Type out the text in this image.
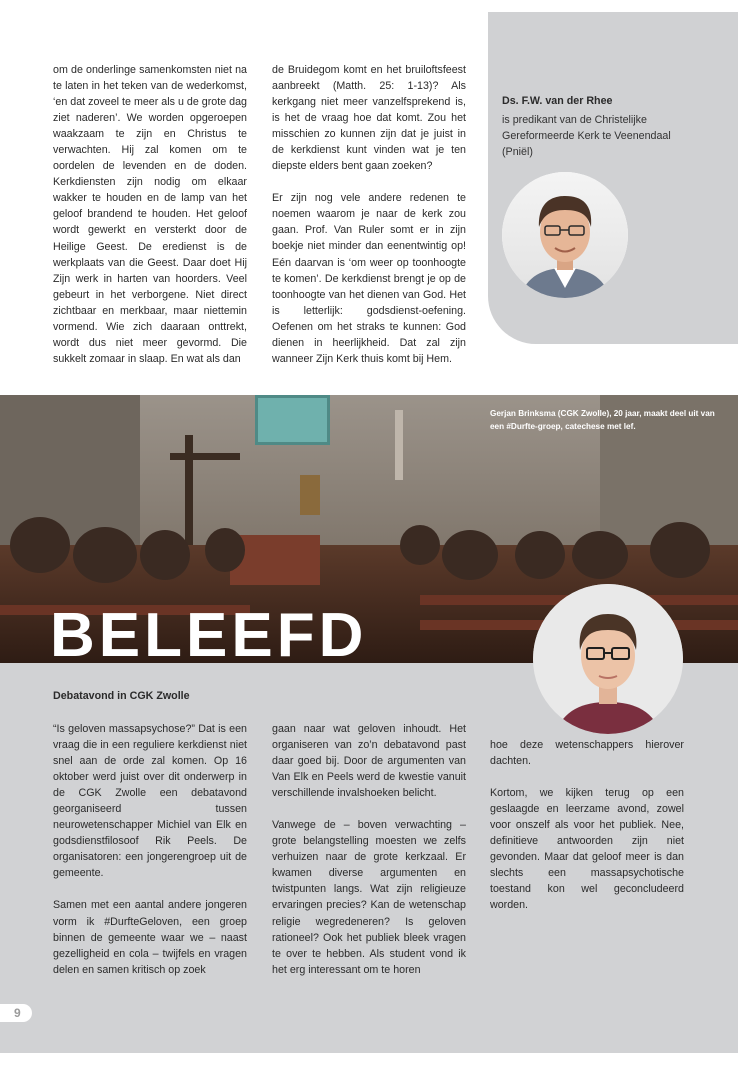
om de onderlinge samenkomsten niet na te laten in het teken van de wederkomst, ‘en dat zoveel te meer als u de grote dag ziet naderen’. We worden opgeroepen waakzaam te zijn en Christus te verwachten. Hij zal komen om te oordelen de levenden en de doden. Kerkdiensten zijn nodig om elkaar wakker te houden en de lamp van het geloof brandend te houden. Het geloof wordt gewerkt en versterkt door de Heilige Geest. De eredienst is de werkplaats van die Geest. Daar doet Hij Zijn werk in harten van hoorders. Veel gebeurt in het verborgene. Niet direct zichtbaar en merkbaar, maar niettemin vormend. Wie zich daaraan onttrekt, wordt dus niet meer gevormd. Die sukkelt zomaar in slaap. En wat als dan

de Bruidegom komt en het bruiloftsfeest aanbreekt (Matth. 25: 1-13)? Als kerkgang niet meer vanzelfsprekend is, is het de vraag hoe dat komt. Zou het misschien zo kunnen zijn dat je juist in de kerkdienst kunt vinden wat je ten diepste elders bent gaan zoeken?

Er zijn nog vele andere redenen te noemen waarom je naar de kerk zou gaan. Prof. Van Ruler somt er in zijn boekje niet minder dan eenentwintig op! Eén daarvan is ‘om weer op toonhoogte te komen’. De kerkdienst brengt je op de toonhoogte van het dienen van God. Het is letterlijk: godsdienst-oefening. Oefenen om het straks te kunnen: God dienen in heerlijkheid. Dat zal zijn wanneer Zijn Kerk thuis komt bij Hem.

Ds. F.W. van der Rhee
is predikant van de Christelijke Gereformeerde Kerk te Veenendaal (Pniël)
Gerjan Brinksma (CGK Zwolle), 20 jaar, maakt deel uit van een #Durfte-groep, catechese met lef.
BELEEFD
Debatavond in CGK Zwolle

“Is geloven massapsychose?” Dat is een vraag die in een reguliere kerkdienst niet snel aan de orde zal komen. Op 16 oktober werd juist over dit onderwerp in de CGK Zwolle een debatavond georganiseerd tussen neurowetenschapper Michiel van Elk en godsdienstfilosoof Rik Peels. De organisatoren: een jongerengroep uit de gemeente.

Samen met een aantal andere jongeren vorm ik #DurfteGeloven, een groep binnen de gemeente waar we – naast gezelligheid en cola – twijfels en vragen delen en samen kritisch op zoek

gaan naar wat geloven inhoudt. Het organiseren van zo’n debatavond past daar goed bij. Door de argumenten van Van Elk en Peels werd de kwestie vanuit verschillende invalshoeken belicht.

Vanwege de – boven verwachting – grote belangstelling moesten we zelfs verhuizen naar de grote kerkzaal. Er kwamen diverse argumenten en twistpunten langs. Wat zijn religieuze ervaringen precies? Kan de wetenschap religie wegredeneren? Is geloven rationeel? Ook het publiek bleek vragen te over te hebben. Als student vond ik het erg interessant om te horen

hoe deze wetenschappers hierover dachten.

Kortom, we kijken terug op een geslaagde en leerzame avond, zowel voor onszelf als voor het publiek. Nee, definitieve antwoorden zijn niet gevonden. Maar dat geloof meer is dan slechts een massapsychotische toestand kon wel geconcludeerd worden.

9
